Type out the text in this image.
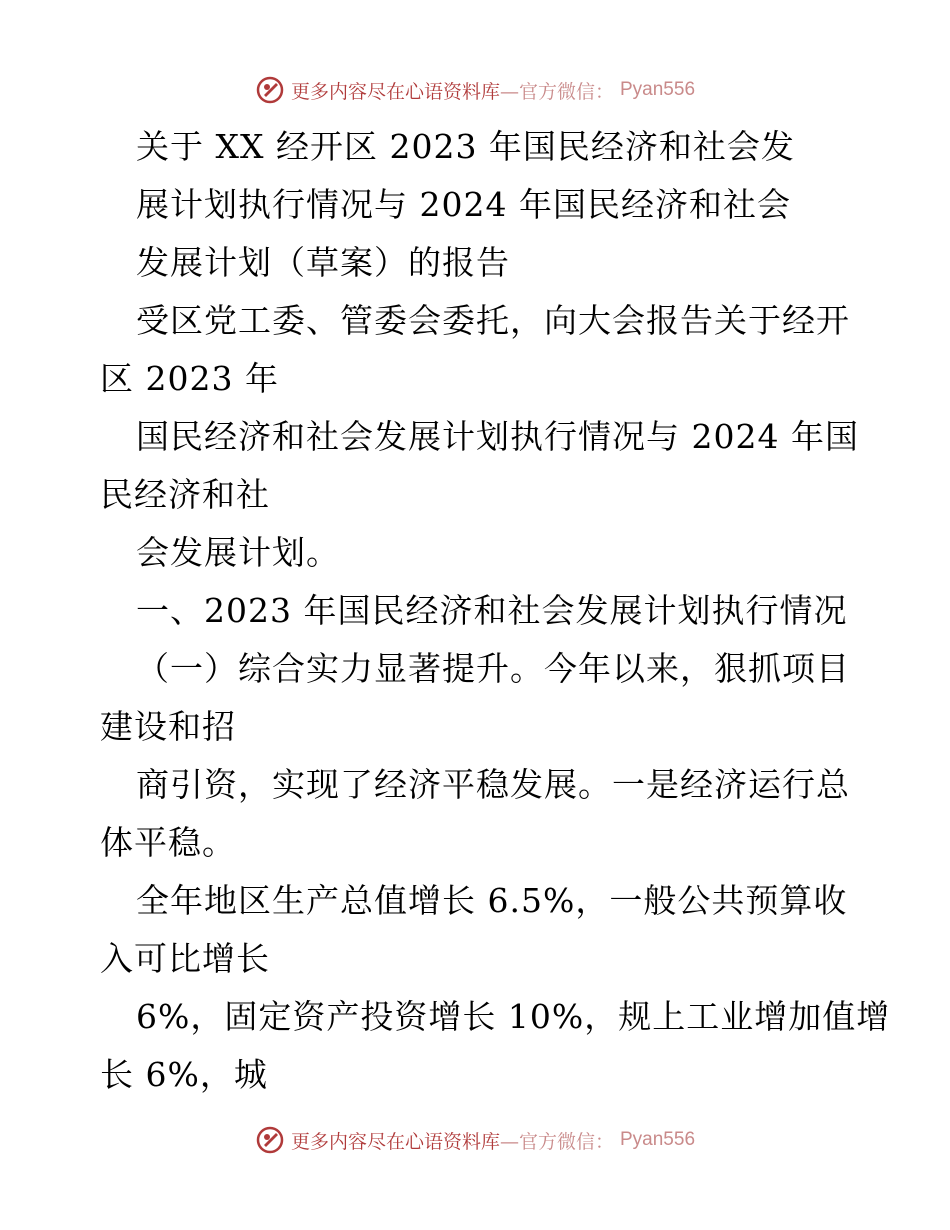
更多内容尽在心语资料库—官方微信： Pyan556
关于 XX 经开区 2023 年国民经济和社会发
展计划执行情况与 2024 年国民经济和社会
发展计划（草案）的报告
受区党工委、管委会委托，向大会报告关于经开
区 2023 年
国民经济和社会发展计划执行情况与 2024 年国
民经济和社
会发展计划。
一、2023 年国民经济和社会发展计划执行情况
（一）综合实力显著提升。今年以来，狠抓项目
建设和招
商引资，实现了经济平稳发展。一是经济运行总
体平稳。
全年地区生产总值增长 6.5%，一般公共预算收
入可比增长
6%，固定资产投资增长 10%，规上工业增加值增
长 6%，城
更多内容尽在心语资料库—官方微信： Pyan556
